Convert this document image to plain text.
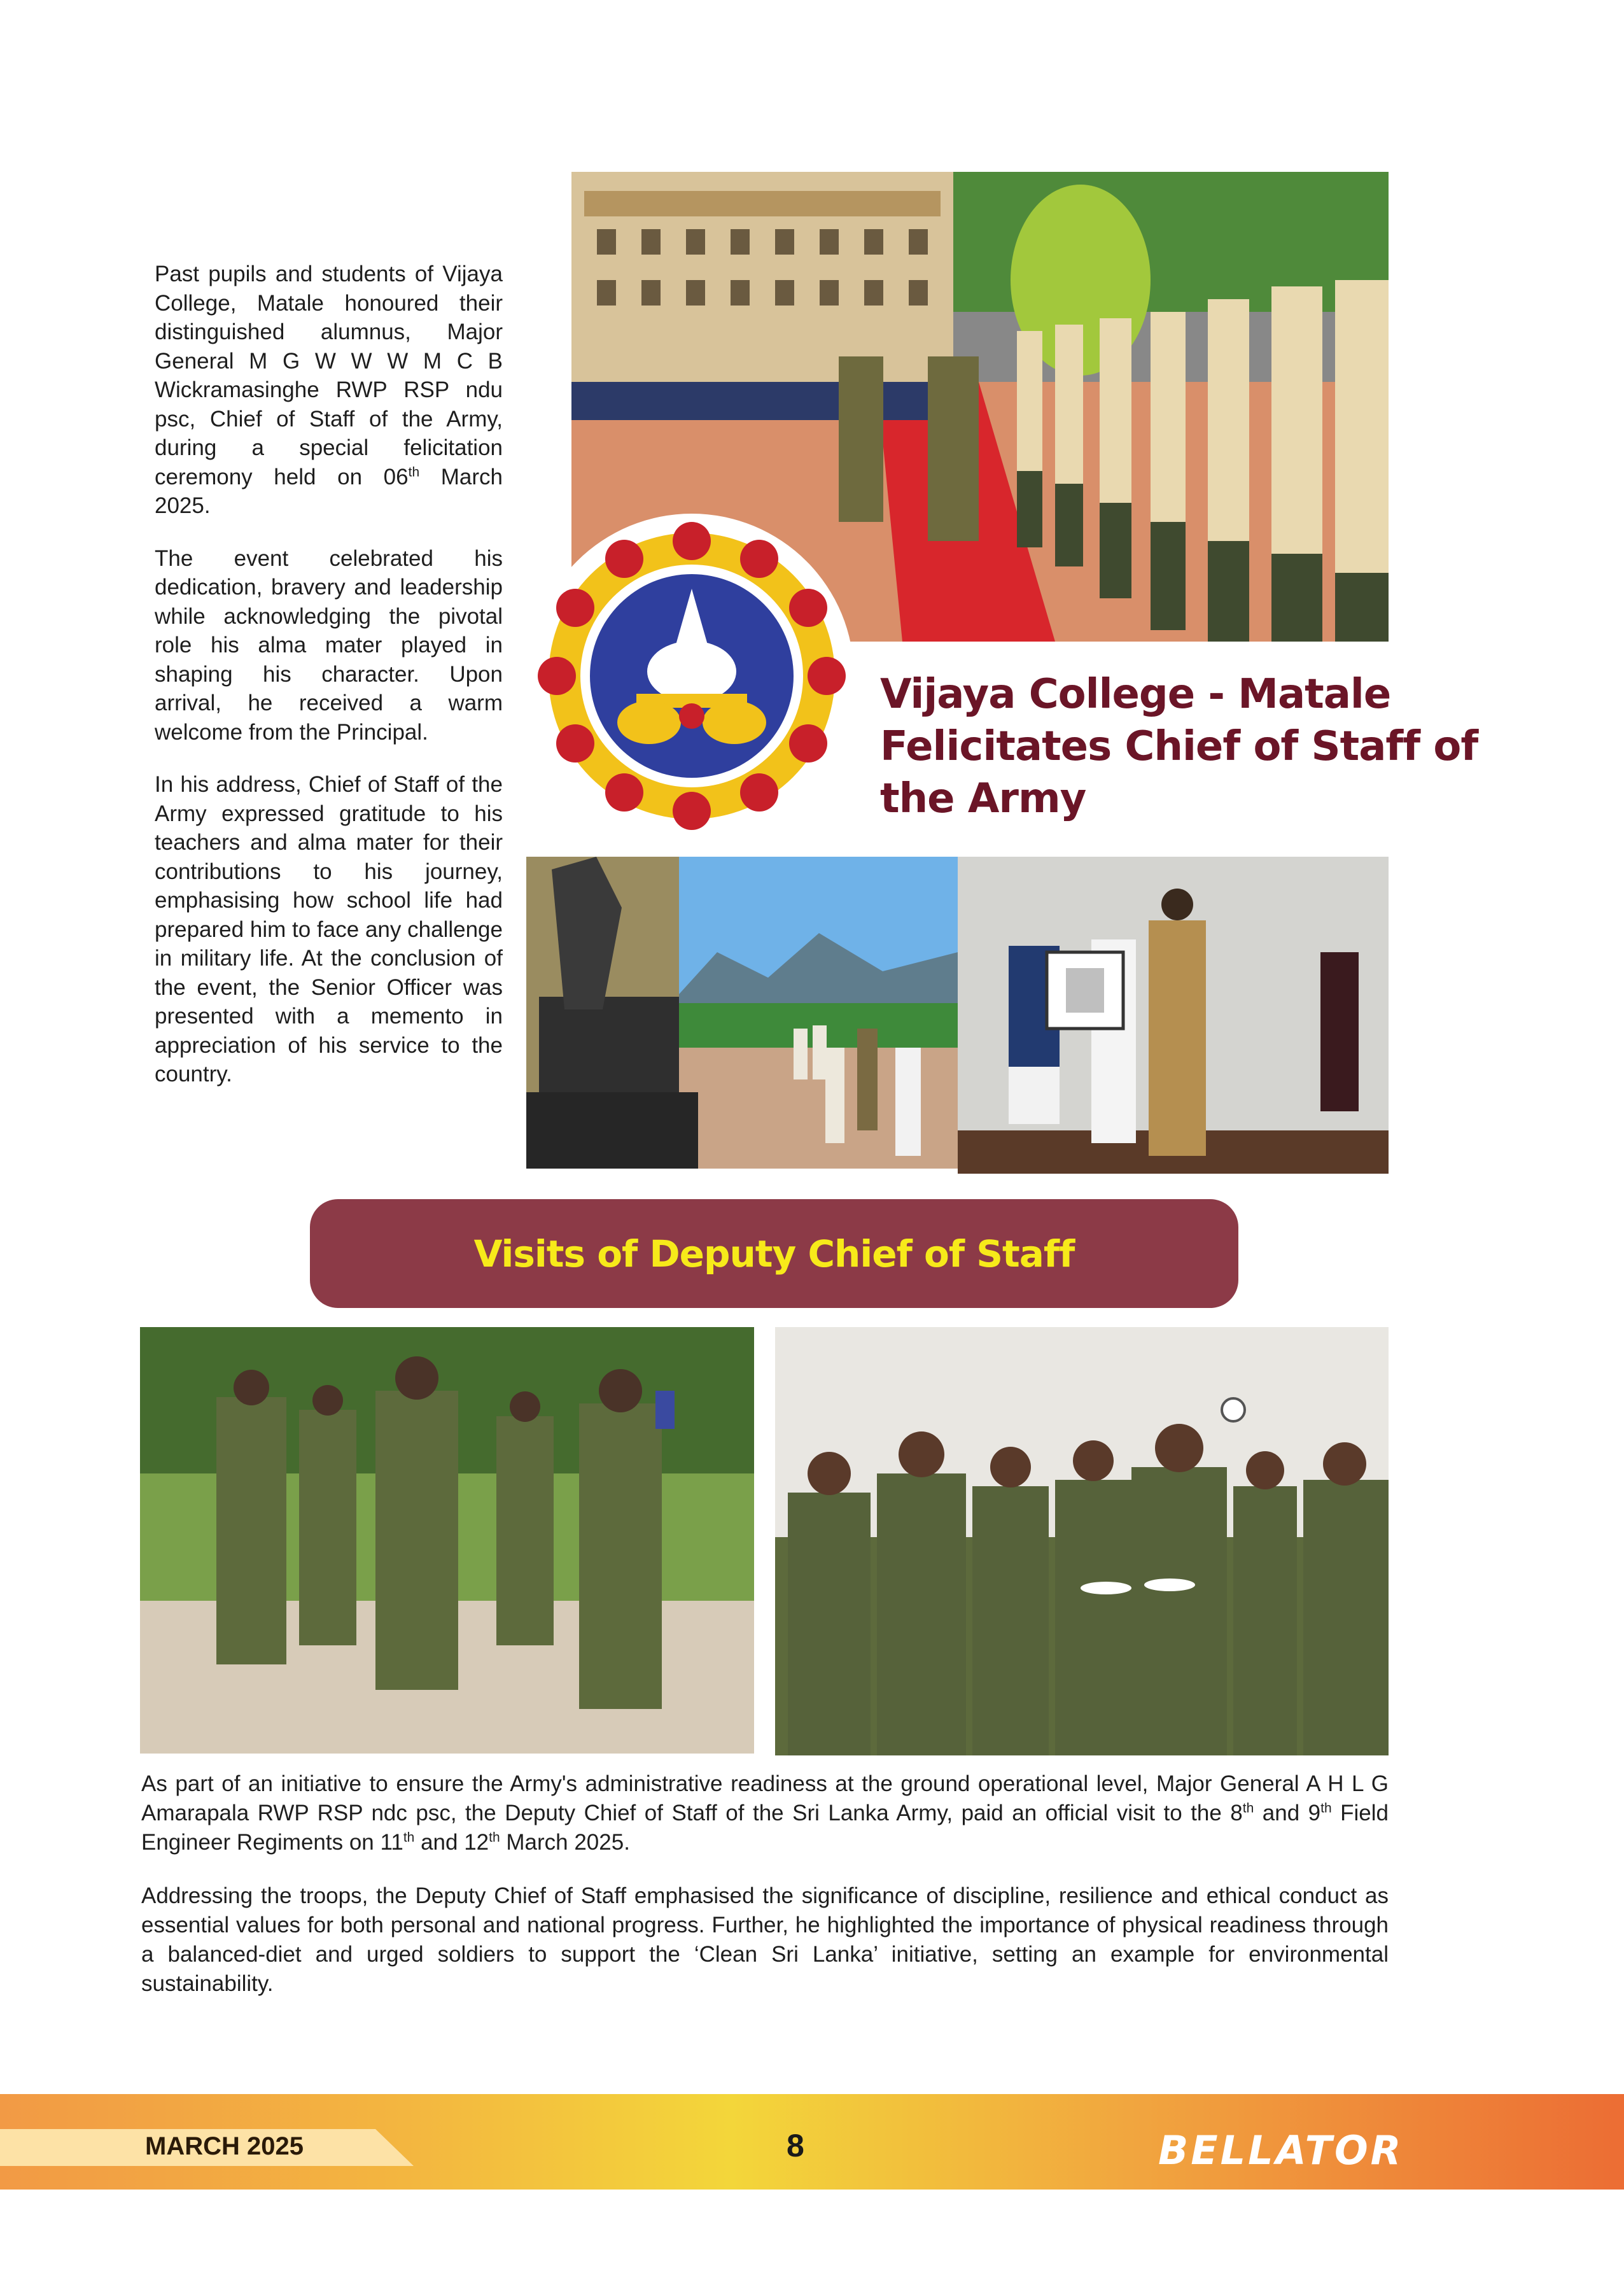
Past pupils and students of Vijaya College, Matale honoured their distinguished alumnus, Major General M G W W W M C B Wickramasinghe RWP RSP ndu psc, Chief of Staff of the Army, during a special felicitation ceremony held on 06th March 2025.

The event celebrated his dedication, bravery and leadership while acknowledging the pivotal role his alma mater played in shaping his character. Upon arrival, he received a warm welcome from the Principal.

In his address, Chief of Staff of the Army expressed gratitude to his teachers and alma mater for their contributions to his journey, emphasising how school life had prepared him to face any challenge in military life. At the conclusion of the event, the Senior Officer was presented with a memento in appreciation of his service to the country.

Vijaya College - Matale
Felicitates Chief of Staff of
the Army
Visits of Deputy Chief of Staff

As part of an initiative to ensure the Army's administrative readiness at the ground operational level, Major General A H L G Amarapala RWP RSP ndc psc, the Deputy Chief of Staff of the Sri Lanka Army, paid an official visit to the 8th and 9th Field Engineer Regiments on 11th and 12th March 2025.

Addressing the troops, the Deputy Chief of Staff emphasised the significance of discipline, resilience and ethical conduct as essential values for both personal and national progress. Further, he highlighted the importance of physical readiness through a balanced-diet and urged soldiers to support the ‘Clean Sri Lanka’ initiative, setting an example for environmental sustainability.

MARCH 2025	8	BELLATOR
